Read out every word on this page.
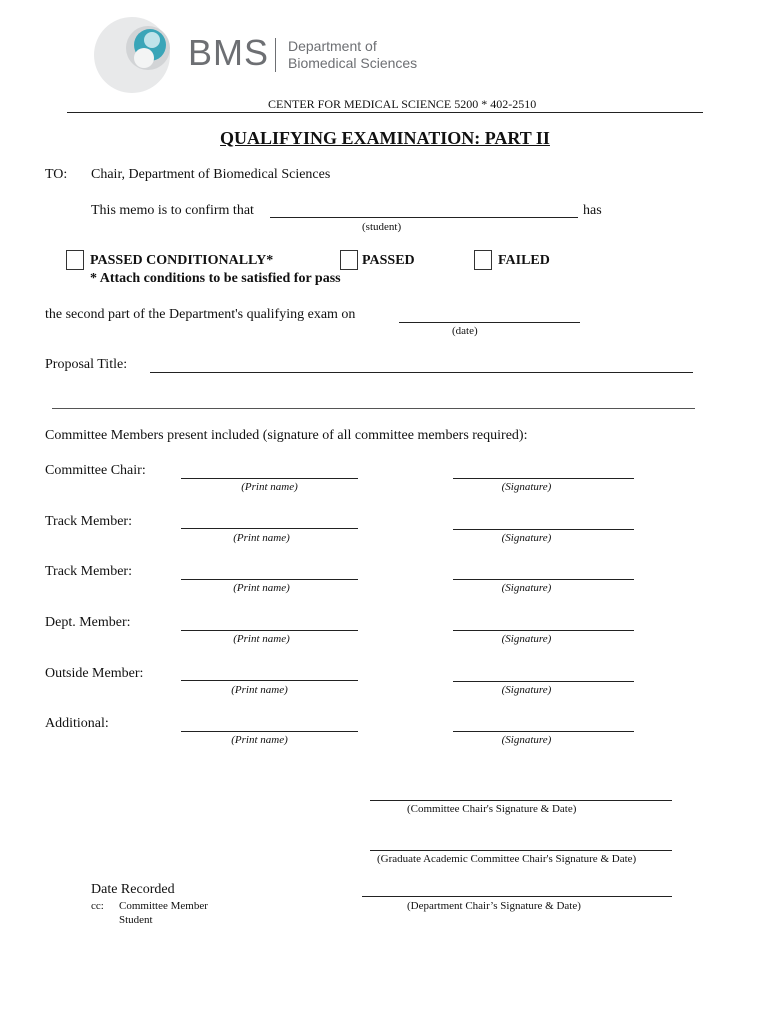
BMS Department of
Biomedical Sciences
CENTER FOR MEDICAL SCIENCE 5200 * 402-2510
QUALIFYING EXAMINATION: PART II
TO: Chair, Department of Biomedical Sciences
This memo is to confirm that	has
(student)
PASSED CONDITIONALLY*	PASSED	FAILED
* Attach conditions to be satisfied for pass
the second part of the Department's qualifying exam on
(date)
Proposal Title:
Committee Members present included (signature of all committee members required):
Committee Chair:
(Print name)	(Signature)
Track Member:
(Print name)	(Signature)
Track Member:
(Print name)	(Signature)
Dept. Member:
(Print name)	(Signature)
Outside Member:
(Print name)	(Signature)
Additional:
(Print name)	(Signature)
(Committee Chair's Signature & Date)
(Graduate Academic Committee Chair's Signature & Date)
Date Recorded
(Department Chair’s Signature & Date)
cc: Committee Member
Student
